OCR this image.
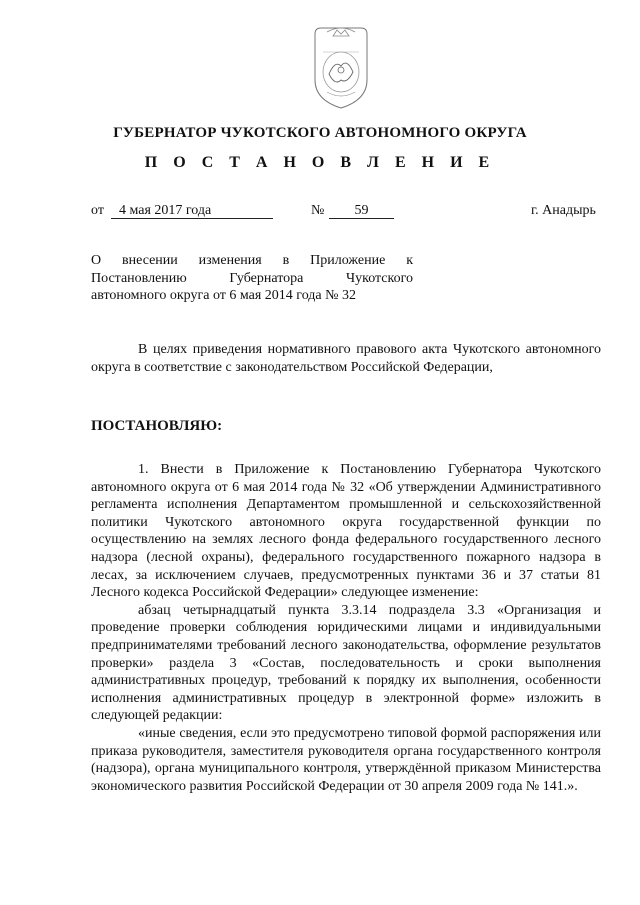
ГУБЕРНАТОР ЧУКОТСКОГО АВТОНОМНОГО ОКРУГА
П О С Т А Н О В Л Е Н И Е
от	4 мая 2017 года	№	59	г. Анадырь
О внесении изменения в Приложение к Постановлению Губернатора Чукотского автономного округа от 6 мая 2014 года № 32

В целях приведения нормативного правового акта Чукотского автономного округа в соответствие с законодательством Российской Федерации,

ПОСТАНОВЛЯЮ:

1. Внести в Приложение к Постановлению Губернатора Чукотского автономного округа от 6 мая 2014 года № 32 «Об утверждении Административного регламента исполнения Департаментом промышленной и сельскохозяйственной политики Чукотского автономного округа государственной функции по осуществлению на землях лесного фонда федерального государственного лесного надзора (лесной охраны), федерального государственного пожарного надзора в лесах, за исключением случаев, предусмотренных пунктами 36 и 37 статьи 81 Лесного кодекса Российской Федерации» следующее изменение:

абзац четырнадцатый пункта 3.3.14 подраздела 3.3 «Организация и проведение проверки соблюдения юридическими лицами и индивидуальными предпринимателями требований лесного законодательства, оформление результатов проверки» раздела 3 «Состав, последовательность и сроки выполнения административных процедур, требований к порядку их выполнения, особенности исполнения административных процедур в электронной форме» изложить в следующей редакции:

«иные сведения, если это предусмотрено типовой формой распоряжения или приказа руководителя, заместителя руководителя органа государственного контроля (надзора), органа муниципального контроля, утверждённой приказом Министерства экономического развития Российской Федерации от 30 апреля 2009 года № 141.».
